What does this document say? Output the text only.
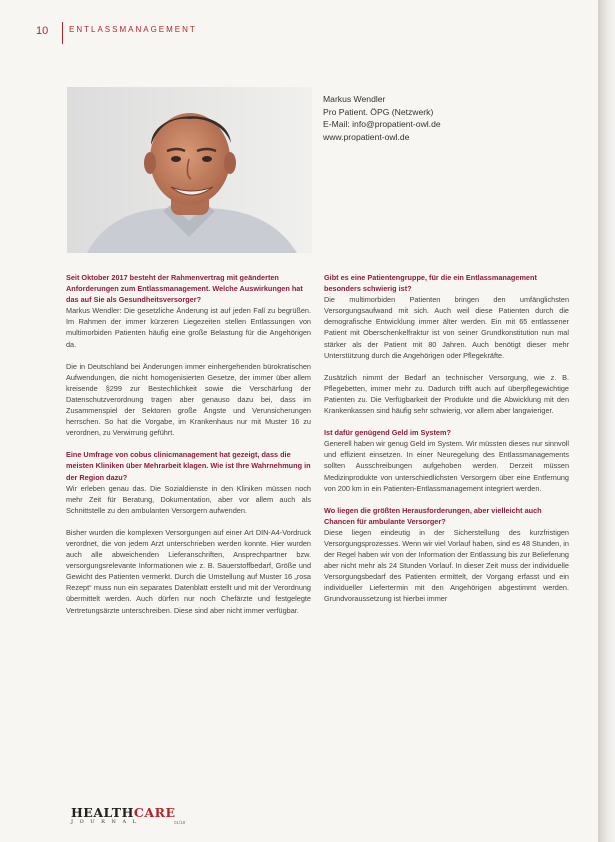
10	ENTLASSMANAGEMENT
Markus Wendler
Pro Patient. ÖPG (Netzwerk)
E-Mail: info@propatient-owl.de
www.propatient-owl.de

Seit Oktober 2017 besteht der Rahmenvertrag mit geänderten Anforderungen zum Entlassmanagement. Welche Auswirkungen hat das auf Sie als Gesundheitsversorger?

Markus Wendler: Die gesetzliche Änderung ist auf jeden Fall zu begrüßen. Im Rahmen der immer kürzeren Liegezeiten stellen Entlassungen von multimorbiden Patienten häufig eine große Belastung für die Angehörigen da.

Die in Deutschland bei Änderungen immer einhergehenden bürokratischen Aufwendungen, die nicht homogenisierten Gesetze, der immer über allem kreisende §299 zur Bestechlichkeit sowie die Verschärfung der Datenschutzverordnung tragen aber genauso dazu bei, dass im Zusammenspiel der Sektoren große Ängste und Verunsicherungen herrschen. So hat die Vorgabe, im Krankenhaus nur mit Muster 16 zu verordnen, zu Verwirrung geführt.

Eine Umfrage von cobus clinicmanagement hat gezeigt, dass die meisten Kliniken über Mehrarbeit klagen. Wie ist Ihre Wahrnehmung in der Region dazu?

Wir erleben genau das. Die Sozialdienste in den Kliniken müssen noch mehr Zeit für Beratung, Dokumentation, aber vor allem auch als Schnittstelle zu den ambulanten Versorgern aufwenden.

Bisher wurden die komplexen Versorgungen auf einer Art DIN-A4-Vordruck verordnet, die von jedem Arzt unterschrieben werden konnte. Hier wurden auch alle abweichenden Lieferanschriften, Ansprechpartner bzw. versorgungsrelevante Informationen wie z. B. Sauerstoffbedarf, Größe und Gewicht des Patienten vermerkt. Durch die Umstellung auf Muster 16 „rosa Rezept“ muss nun ein separates Datenblatt erstellt und mit der Verordnung übermittelt werden. Auch dürfen nur noch Chefärzte und festgelegte Vertretungsärzte unterschreiben. Diese sind aber nicht immer verfügbar.

Gibt es eine Patientengruppe, für die ein Entlassmanagement besonders schwierig ist?

Die multimorbiden Patienten bringen den umfänglichsten Versorgungsaufwand mit sich. Auch weil diese Patienten durch die demografische Entwicklung immer älter werden. Ein mit 65 entlassener Patient mit Oberschenkelfraktur ist von seiner Grundkonstitution nun mal stärker als der Patient mit 80 Jahren. Auch benötigt dieser mehr Unterstützung durch die Angehörigen oder Pflegekräfte.

Zusätzlich nimmt der Bedarf an technischer Versorgung, wie z. B. Pflegebetten, immer mehr zu. Dadurch trifft auch auf überpflegewichtige Patienten zu. Die Verfügbarkeit der Produkte und die Abwicklung mit den Krankenkassen sind häufig sehr schwierig, vor allem aber langwieriger.

Ist dafür genügend Geld im System?

Generell haben wir genug Geld im System. Wir müssten dieses nur sinnvoll und effizient einsetzen. In einer Neuregelung des Entlassmanagements sollten Ausschreibungen aufgehoben werden. Derzeit müssen Medizinprodukte von unterschiedlichsten Versorgern über eine Entfernung von 200 km in ein Patienten-Entlassmanagement integriert werden.

Wo liegen die größten Herausforderungen, aber vielleicht auch Chancen für ambulante Versorger?

Diese liegen eindeutig in der Sicherstellung des kurzfristigen Versorgungsprozesses. Wenn wir viel Vorlauf haben, sind es 48 Stunden, in der Regel haben wir von der Information der Entlassung bis zur Belieferung aber nicht mehr als 24 Stunden Vorlauf. In dieser Zeit muss der individuelle Versorgungsbedarf des Patienten ermittelt, der Vorgang erfasst und ein individueller Liefertermin mit den Angehörigen abgestimmt werden. Grundvoraussetzung ist hierbei immer

HEALTHCARE
JOURNAL	01/19
